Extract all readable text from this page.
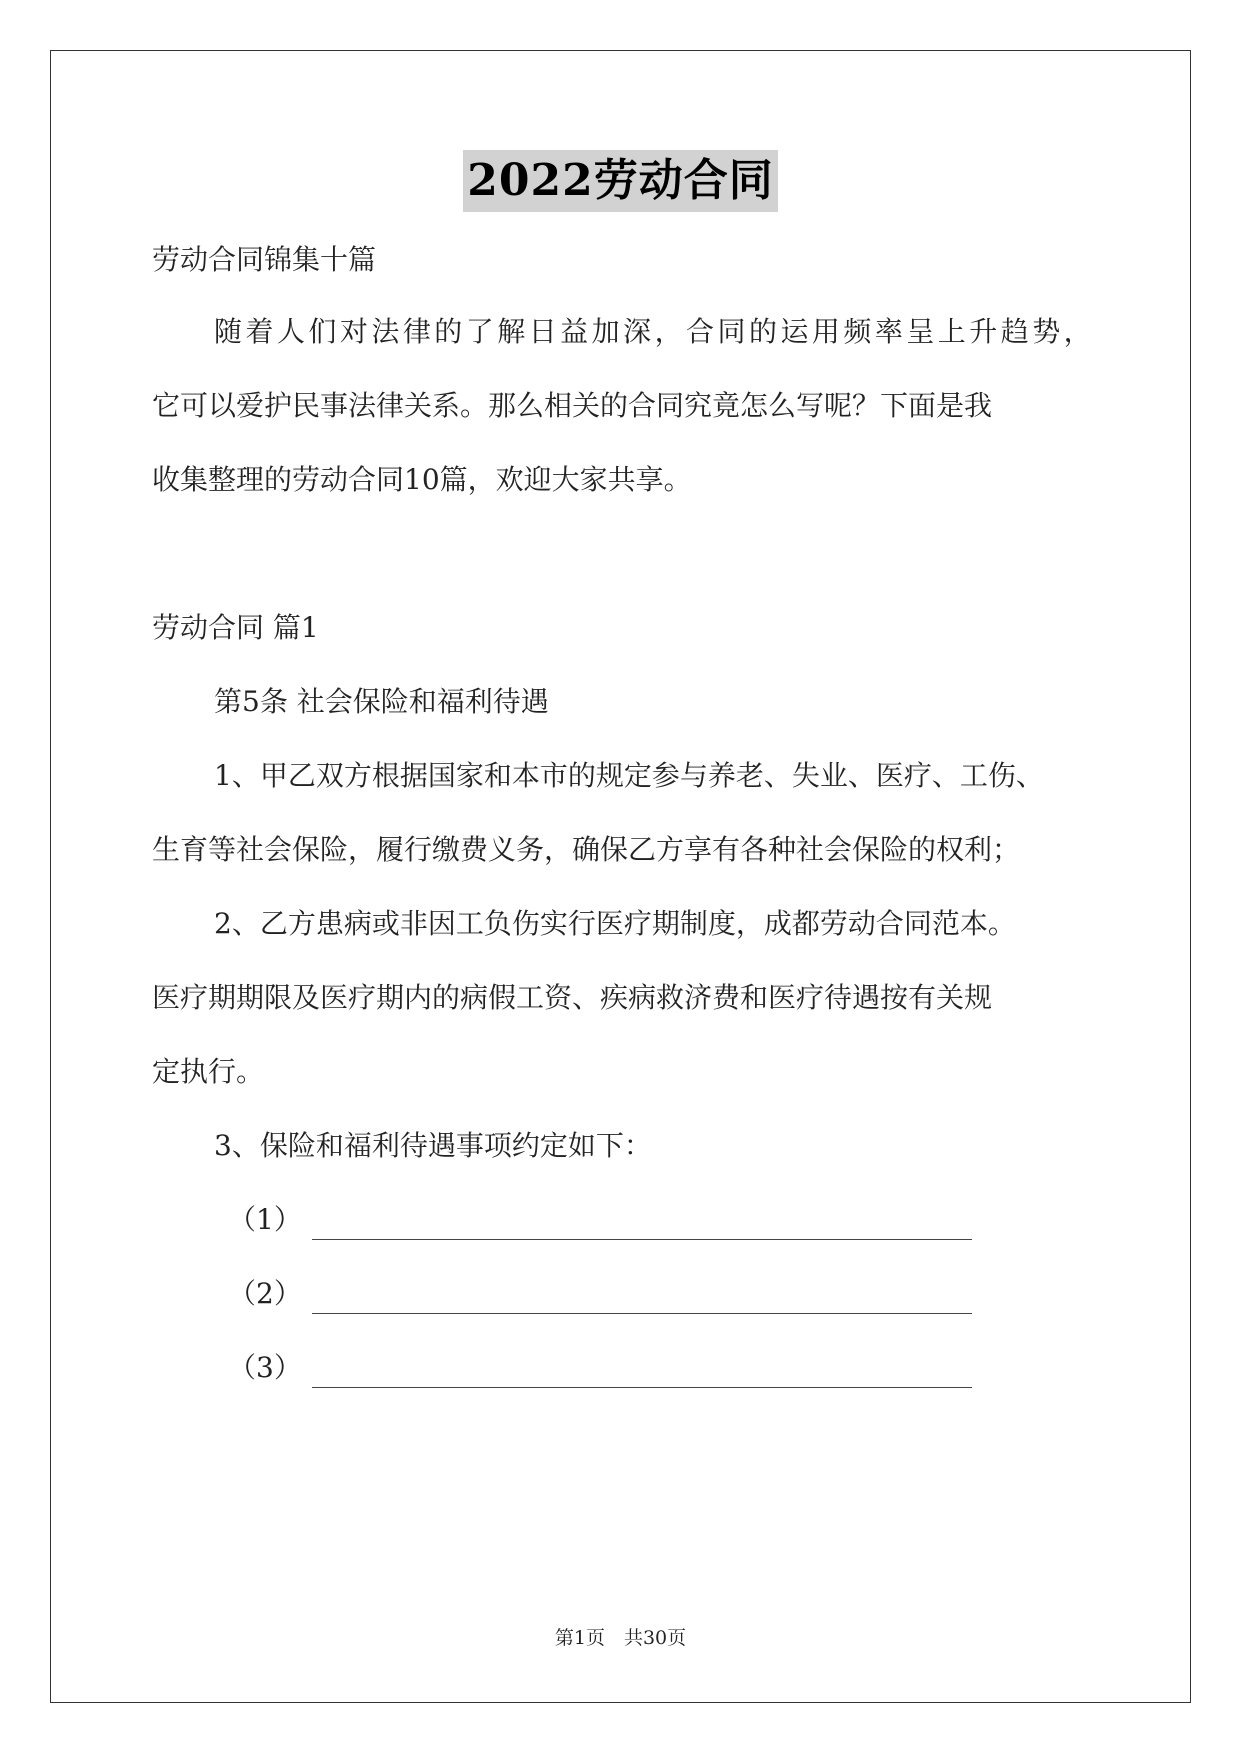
2022劳动合同
劳动合同锦集十篇
随 着 人 们 对 法 律 的 了 解 日 益 加 深 ， 合 同 的 运 用 频 率 呈 上 升 趋 势 ，
它可以爱护民事法律关系。那么相关的合同究竟怎么写呢？下面是我
收集整理的劳动合同10篇，欢迎大家共享。
劳动合同 篇1
第5条 社会保险和福利待遇
1、甲乙双方根据国家和本市的规定参与养老、失业、医疗、工伤、
生育等社会保险，履行缴费义务，确保乙方享有各种社会保险的权利；
2、乙方患病或非因工负伤实行医疗期制度，成都劳动合同范本。
医疗期期限及医疗期内的病假工资、疾病救济费和医疗待遇按有关规
定执行。
3、保险和福利待遇事项约定如下：
（1）
（2）
（3）
第1页　共30页
